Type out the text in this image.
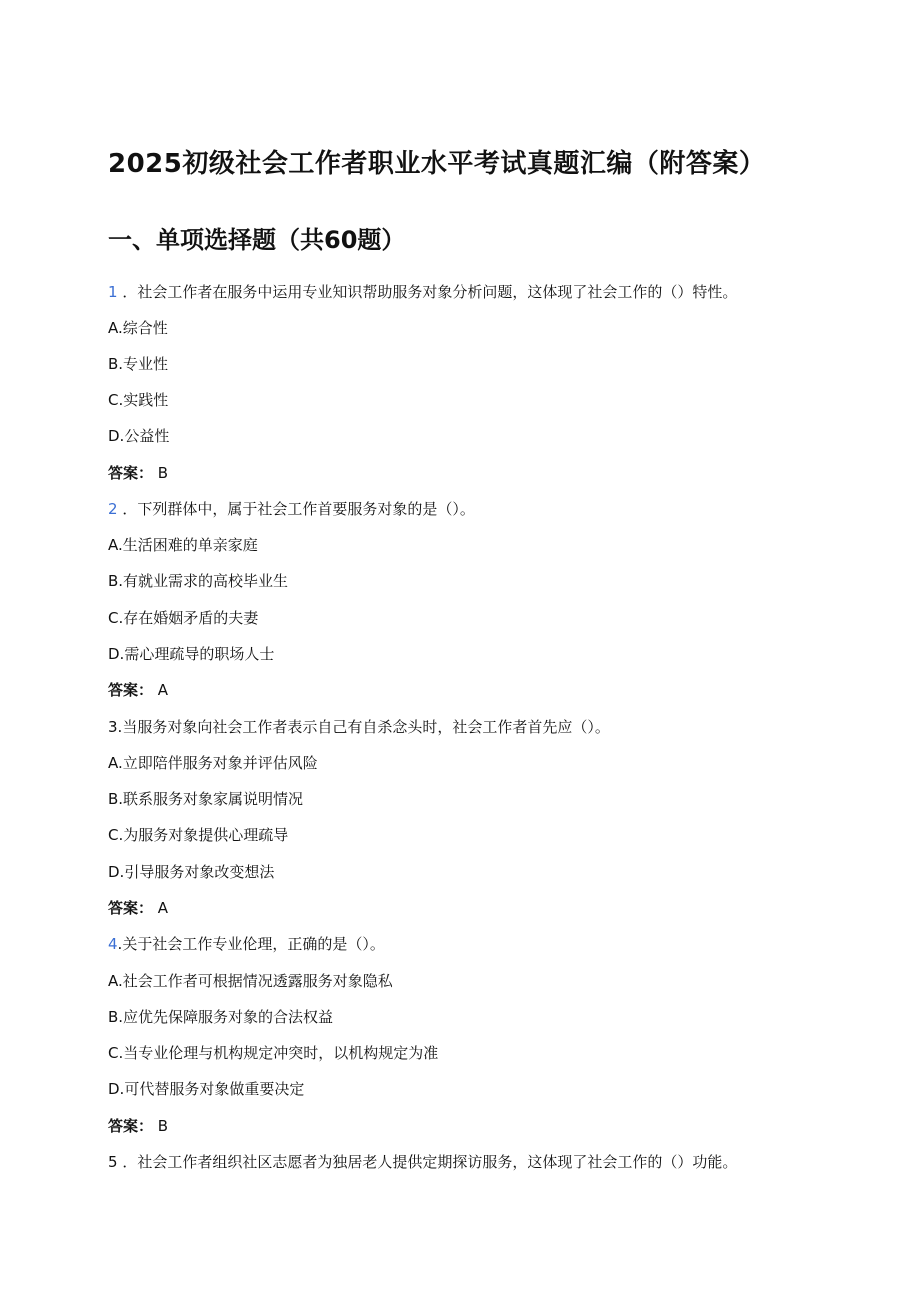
2025初级社会工作者职业水平考试真题汇编（附答案）
一、单项选择题（共60题）

1 ．社会工作者在服务中运用专业知识帮助服务对象分析问题，这体现了社会工作的（）特性。

A.综合性

B.专业性

C.实践性

D.公益性

答案： B

2 ．下列群体中，属于社会工作首要服务对象的是（）。

A.生活困难的单亲家庭

B.有就业需求的高校毕业生

C.存在婚姻矛盾的夫妻

D.需心理疏导的职场人士

答案： A

3.当服务对象向社会工作者表示自己有自杀念头时，社会工作者首先应（）。

A.立即陪伴服务对象并评估风险

B.联系服务对象家属说明情况

C.为服务对象提供心理疏导

D.引导服务对象改变想法

答案： A

4.关于社会工作专业伦理，正确的是（）。

A.社会工作者可根据情况透露服务对象隐私

B.应优先保障服务对象的合法权益

C.当专业伦理与机构规定冲突时，以机构规定为准

D.可代替服务对象做重要决定

答案： B

5 ．社会工作者组织社区志愿者为独居老人提供定期探访服务，这体现了社会工作的（）功能。
